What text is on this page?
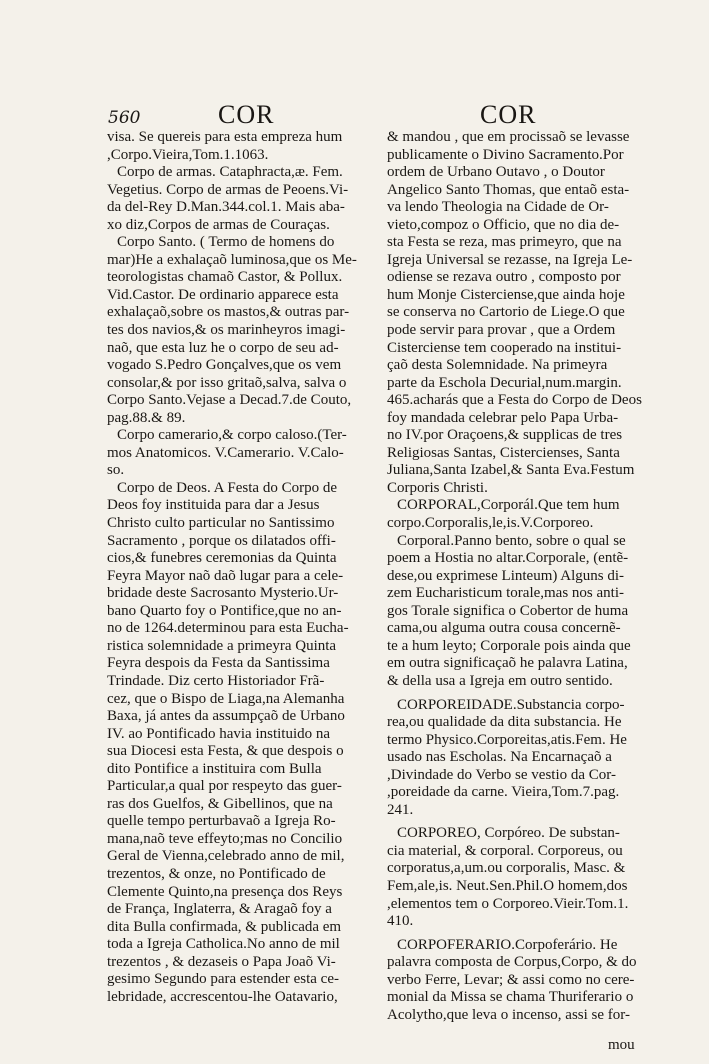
560	COR	COR
visa. Se quereis para esta empreza hum
,Corpo.Vieira,Tom.1.1063.
Corpo de armas. Cataphracta,æ. Fem.
Vegetius. Corpo de armas de Peoens.Vi-
da del-Rey D.Man.344.col.1. Mais aba-
xo diz,Corpos de armas de Couraças.
Corpo Santo. ( Termo de homens do
mar)He a exhalaçaõ luminosa,que os Me-
teorologistas chamaõ Castor, & Pollux.
Vid.Castor. De ordinario apparece esta
exhalaçaõ,sobre os mastos,& outras par-
tes dos navios,& os marinheyros imagi-
naõ, que esta luz he o corpo de seu ad-
vogado S.Pedro Gonçalves,que os vem
consolar,& por isso gritaõ,salva, salva o
Corpo Santo.Vejase a Decad.7.de Couto,
pag.88.& 89.
Corpo camerario,& corpo caloso.(Ter-
mos Anatomicos. V.Camerario. V.Calo-
so.
Corpo de Deos. A Festa do Corpo de
Deos foy instituida para dar a Jesus
Christo culto particular no Santissimo
Sacramento , porque os dilatados offi-
cios,& funebres ceremonias da Quinta
Feyra Mayor naõ daõ lugar para a cele-
bridade deste Sacrosanto Mysterio.Ur-
bano Quarto foy o Pontifice,que no an-
no de 1264.determinou para esta Eucha-
ristica solemnidade a primeyra Quinta
Feyra despois da Festa da Santissima
Trindade. Diz certo Historiador Frã-
cez, que o Bispo de Liaga,na Alemanha
Baxa, já antes da assumpçaõ de Urbano
IV. ao Pontificado havia instituido na
sua Diocesi esta Festa, & que despois o
dito Pontifice a instituira com Bulla
Particular,a qual por respeyto das guer-
ras dos Guelfos, & Gibellinos, que na
quelle tempo perturbavaõ a Igreja Ro-
mana,naõ teve effeyto;mas no Concilio
Geral de Vienna,celebrado anno de mil,
trezentos, & onze, no Pontificado de
Clemente Quinto,na presença dos Reys
de França, Inglaterra, & Aragaõ foy a
dita Bulla confirmada, & publicada em
toda a Igreja Catholica.No anno de mil
trezentos , & dezaseis o Papa Joaõ Vi-
gesimo Segundo para estender esta ce-
lebridade, accrescentou-lhe Oatavario,
& mandou , que em procissaõ se levasse
publicamente o Divino Sacramento.Por
ordem de Urbano Outavo , o Doutor
Angelico Santo Thomas, que entaõ esta-
va lendo Theologia na Cidade de Or-
vieto,compoz o Officio, que no dia de-
sta Festa se reza, mas primeyro, que na
Igreja Universal se rezasse, na Igreja Le-
odiense se rezava outro , composto por
hum Monje Cisterciense,que ainda hoje
se conserva no Cartorio de Liege.O que
pode servir para provar , que a Ordem
Cisterciense tem cooperado na institui-
çaõ desta Solemnidade. Na primeyra
parte da Eschola Decurial,num.margin.
465.acharás que a Festa do Corpo de Deos
foy mandada celebrar pelo Papa Urba-
no IV.por Oraçoens,& supplicas de tres
Religiosas Santas, Cistercienses, Santa
Juliana,Santa Izabel,& Santa Eva.Festum
Corporis Christi.
CORPORAL,Corporál.Que tem hum
corpo.Corporalis,le,is.V.Corporeo.
Corporal.Panno bento, sobre o qual se
poem a Hostia no altar.Corporale, (entẽ-
dese,ou exprimese Linteum) Alguns di-
zem Eucharisticum torale,mas nos anti-
gos Torale significa o Cobertor de huma
cama,ou alguma outra cousa concernẽ-
te a hum leyto; Corporale pois ainda que
em outra significaçaõ he palavra Latina,
& della usa a Igreja em outro sentido.
CORPOREIDADE.Substancia corpo-
rea,ou qualidade da dita substancia. He
termo Physico.Corporeitas,atis.Fem. He
usado nas Escholas. Na Encarnaçaõ a
,Divindade do Verbo se vestio da Cor-
,poreidade da carne. Vieira,Tom.7.pag.
241.
CORPOREO, Corpóreo. De substan-
cia material, & corporal. Corporeus, ou
corporatus,a,um.ou corporalis, Masc. &
Fem,ale,is. Neut.Sen.Phil.O homem,dos
,elementos tem o Corporeo.Vieir.Tom.1.
410.
CORPOFERARIO.Corpoferário. He
palavra composta de Corpus,Corpo, & do
verbo Ferre, Levar; & assi como no cere-
monial da Missa se chama Thuriferario o
Acolytho,que leva o incenso, assi se for-
mou
